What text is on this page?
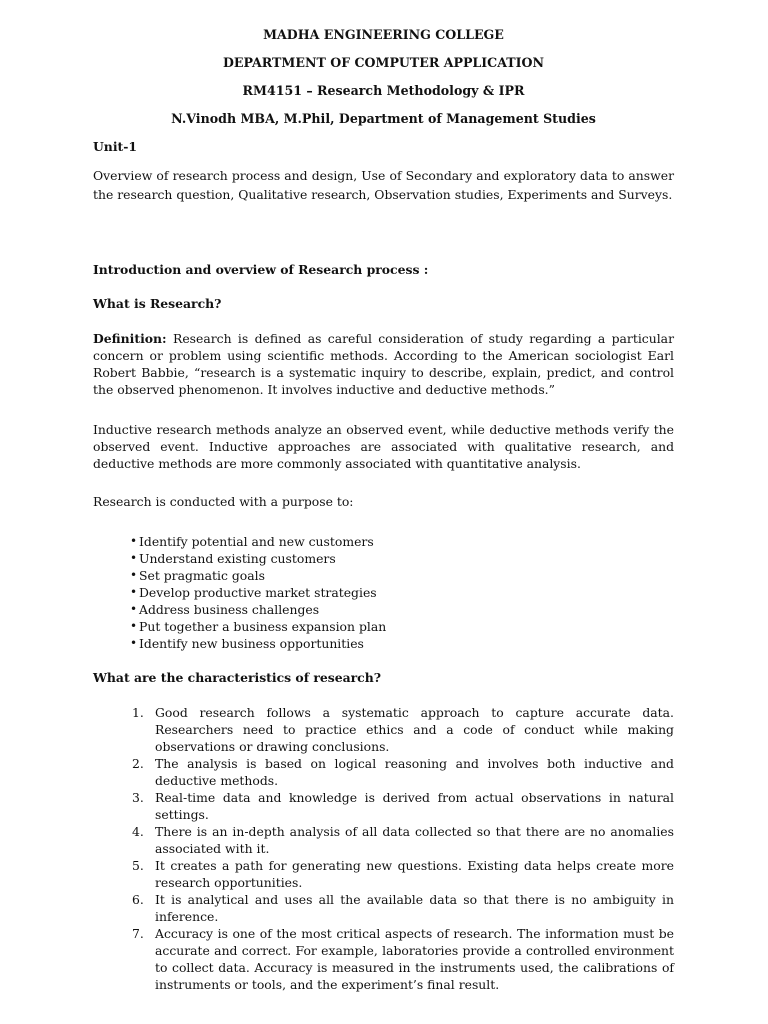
MADHA ENGINEERING COLLEGE
DEPARTMENT OF COMPUTER APPLICATION
RM4151 – Research Methodology & IPR
N.Vinodh MBA, M.Phil, Department of Management Studies
Unit-1
Overview of research process and design, Use of Secondary and exploratory data to answer the research question, Qualitative research, Observation studies, Experiments and Surveys.
Introduction and overview of Research process :
What is Research?
Definition: Research is defined as careful consideration of study regarding a particular concern or problem using scientific methods. According to the American sociologist Earl Robert Babbie, “research is a systematic inquiry to describe, explain, predict, and control the observed phenomenon. It involves inductive and deductive methods.”
Inductive research methods analyze an observed event, while deductive methods verify the observed event. Inductive approaches are associated with qualitative research, and deductive methods are more commonly associated with quantitative analysis.
Research is conducted with a purpose to:
• Identify potential and new customers
• Understand existing customers
• Set pragmatic goals
• Develop productive market strategies
• Address business challenges
• Put together a business expansion plan
• Identify new business opportunities
What are the characteristics of research?
1. Good research follows a systematic approach to capture accurate data. Researchers need to practice ethics and a code of conduct while making observations or drawing conclusions.
2. The analysis is based on logical reasoning and involves both inductive and deductive methods.
3. Real-time data and knowledge is derived from actual observations in natural settings.
4. There is an in-depth analysis of all data collected so that there are no anomalies associated with it.
5. It creates a path for generating new questions. Existing data helps create more research opportunities.
6. It is analytical and uses all the available data so that there is no ambiguity in inference.
7. Accuracy is one of the most critical aspects of research. The information must be accurate and correct. For example, laboratories provide a controlled environment to collect data. Accuracy is measured in the instruments used, the calibrations of instruments or tools, and the experiment’s final result.
